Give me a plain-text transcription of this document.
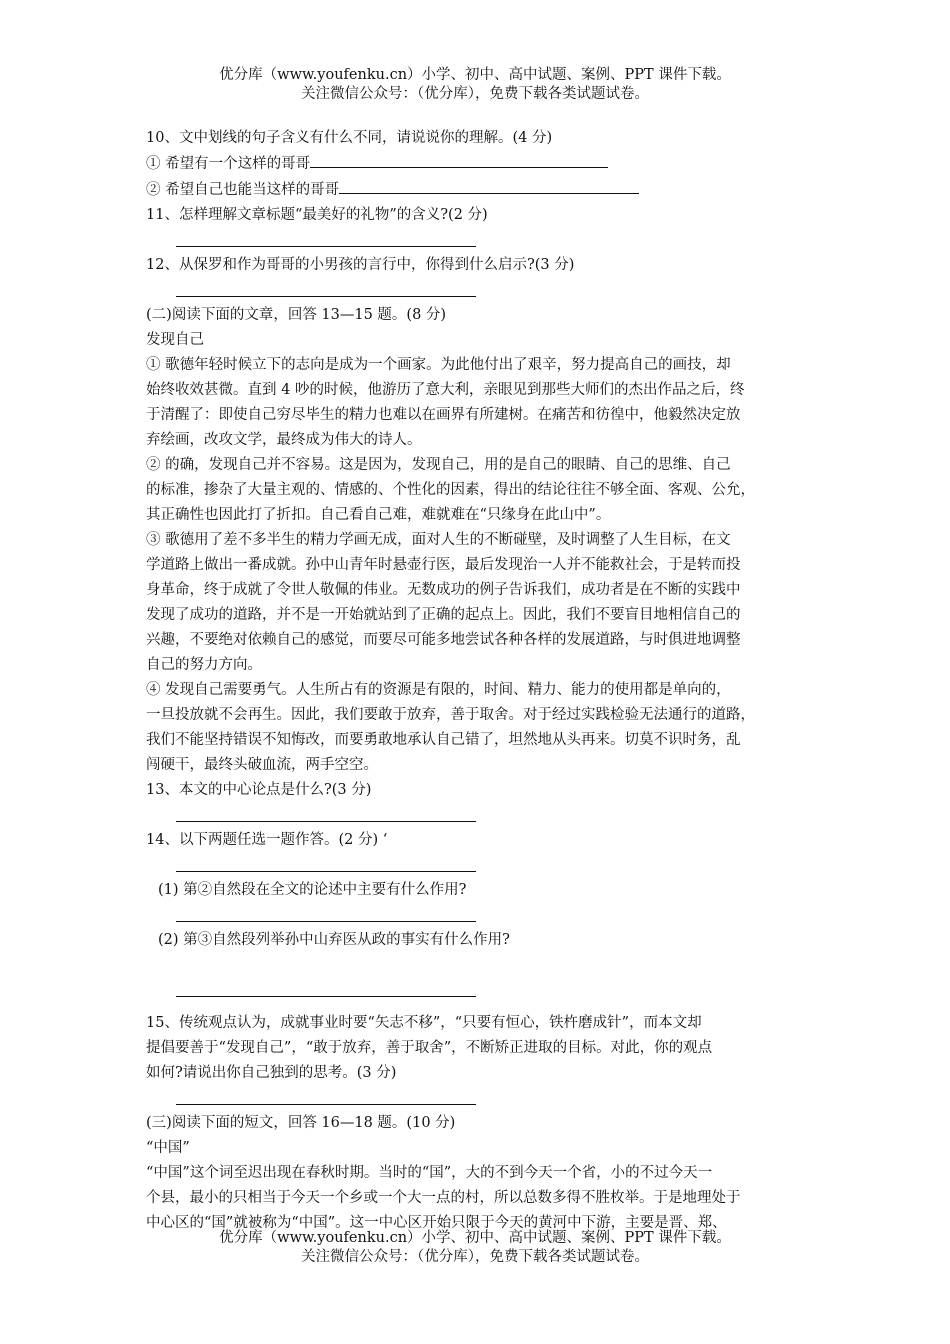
优分库（www.youfenku.cn）小学、初中、高中试题、案例、PPT 课件下载。
关注微信公众号：（优分库），免费下载各类试题试卷。
10、文中划线的句子含义有什么不同，请说说你的理解。(4 分)
① 希望有一个这样的哥哥
② 希望自己也能当这样的哥哥
11、怎样理解文章标题“最美好的礼物”的含义?(2 分)
12、从保罗和作为哥哥的小男孩的言行中，你得到什么启示?(3 分)
(二)阅读下面的文章，回答 13—15 题。(8 分)
发现自己
① 歌德年轻时候立下的志向是成为一个画家。为此他付出了艰辛，努力提高自己的画技，却
始终收效甚微。直到 4 吵的时候，他游历了意大利，亲眼见到那些大师们的杰出作品之后，终
于清醒了：即使自己穷尽毕生的精力也难以在画界有所建树。在痛苦和彷徨中，他毅然决定放
弃绘画，改攻文学，最终成为伟大的诗人。
② 的确，发现自己并不容易。这是因为，发现自己，用的是自己的眼睛、自己的思维、自己
的标准，掺杂了大量主观的、情感的、个性化的因素，得出的结论往往不够全面、客观、公允，
其正确性也因此打了折扣。自己看自己难，难就难在“只缘身在此山中”。
③ 歌德用了差不多半生的精力学画无成，面对人生的不断碰壁，及时调整了人生目标，在文
学道路上做出一番成就。孙中山青年时悬壶行医，最后发现治一人并不能救社会，于是转而投
身革命，终于成就了令世人敬佩的伟业。无数成功的例子告诉我们，成功者是在不断的实践中
发现了成功的道路，并不是一开始就站到了正确的起点上。因此，我们不要盲目地相信自己的
兴趣，不要绝对依赖自己的感觉，而要尽可能多地尝试各种各样的发展道路，与时俱进地调整
自己的努力方向。
④ 发现自己需要勇气。人生所占有的资源是有限的，时间、精力、能力的使用都是单向的，
一旦投放就不会再生。因此，我们要敢于放弃，善于取舍。对于经过实践检验无法通行的道路，
我们不能坚持错误不知悔改，而要勇敢地承认自己错了，坦然地从头再来。切莫不识时务，乱
闯硬干，最终头破血流，两手空空。
13、本文的中心论点是什么?(3 分)
14、以下两题任选一题作答。(2 分) ‘
(1) 第②自然段在全文的论述中主要有什么作用?
(2) 第③自然段列举孙中山弃医从政的事实有什么作用?
15、传统观点认为，成就事业时要“矢志不移”，“只要有恒心，铁杵磨成针”，而本文却
提倡要善于“发现自己”，“敢于放弃，善于取舍”，不断矫正进取的目标。对此，你的观点
如何?请说出你自己独到的思考。(3 分)
(三)阅读下面的短文，回答 16—18 题。(10 分)
“中国”
“中国”这个词至迟出现在春秋时期。当时的“国”，大的不到今天一个省，小的不过今天一
个县，最小的只相当于今天一个乡或一个大一点的村，所以总数多得不胜枚举。于是地理处于
中心区的“国”就被称为“中国”。这一中心区开始只限于今天的黄河中下游，主要是晋、郑、
优分库（www.youfenku.cn）小学、初中、高中试题、案例、PPT 课件下载。
关注微信公众号：（优分库），免费下载各类试题试卷。
